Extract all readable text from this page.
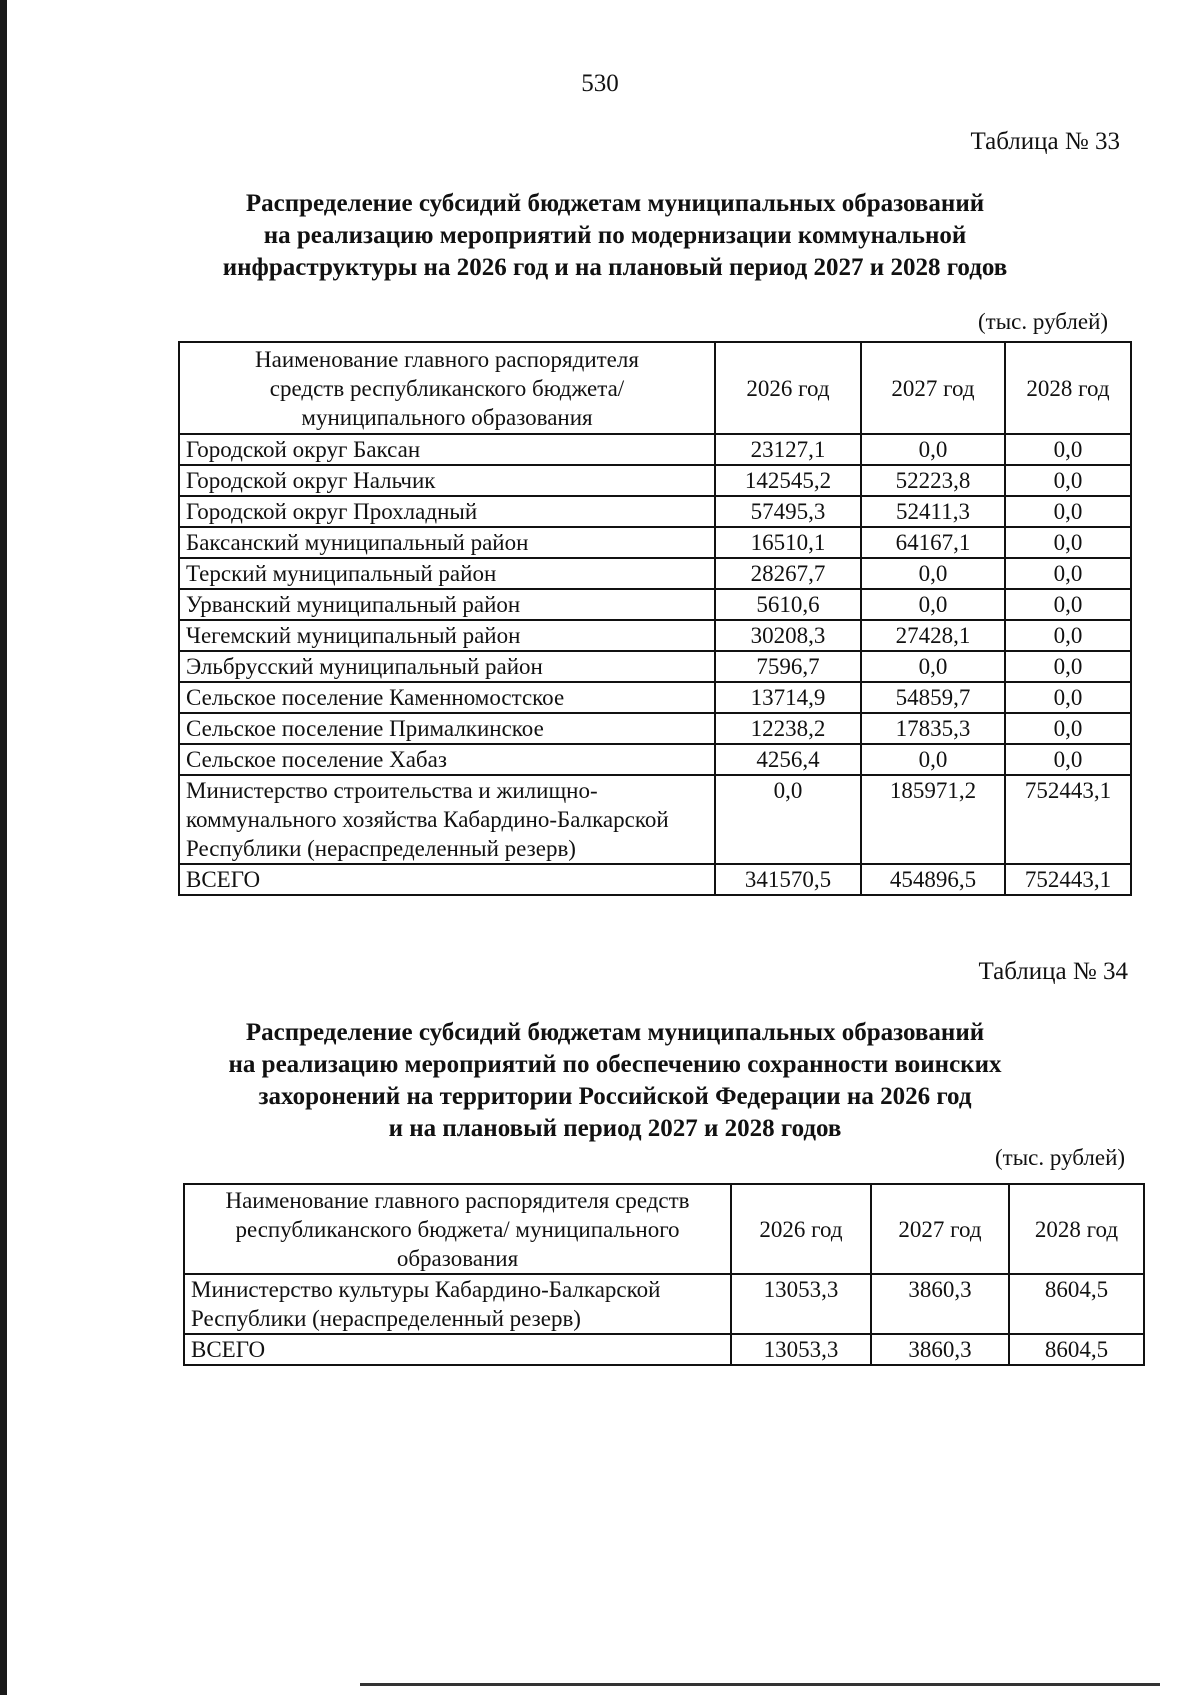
530
Таблица № 33
Распределение субсидий бюджетам муниципальных образований
на реализацию мероприятий по модернизации коммунальной
инфраструктуры на 2026 год и на плановый период 2027 и 2028 годов
(тыс. рублей)
Наименование главного распорядителя средств республиканского бюджета/ муниципального образования	2026 год	2027 год	2028 год
Городской округ Баксан	23127,1	0,0	0,0
Городской округ Нальчик	142545,2	52223,8	0,0
Городской округ Прохладный	57495,3	52411,3	0,0
Баксанский муниципальный район	16510,1	64167,1	0,0
Терский муниципальный район	28267,7	0,0	0,0
Урванский муниципальный район	5610,6	0,0	0,0
Чегемский муниципальный район	30208,3	27428,1	0,0
Эльбрусский муниципальный район	7596,7	0,0	0,0
Сельское поселение Каменномостское	13714,9	54859,7	0,0
Сельское поселение Прималкинское	12238,2	17835,3	0,0
Сельское поселение Хабаз	4256,4	0,0	0,0
Министерство строительства и жилищно-коммунального хозяйства Кабардино-Балкарской Республики (нераспределенный резерв)	0,0	185971,2	752443,1
ВСЕГО	341570,5	454896,5	752443,1
Таблица № 34
Распределение субсидий бюджетам муниципальных образований
на реализацию мероприятий по обеспечению сохранности воинских
захоронений на территории Российской Федерации на 2026 год
и на плановый период 2027 и 2028 годов
(тыс. рублей)
Наименование главного распорядителя средств республиканского бюджета/ муниципального образования	2026 год	2027 год	2028 год
Министерство культуры Кабардино-Балкарской Республики (нераспределенный резерв)	13053,3	3860,3	8604,5
ВСЕГО	13053,3	3860,3	8604,5
